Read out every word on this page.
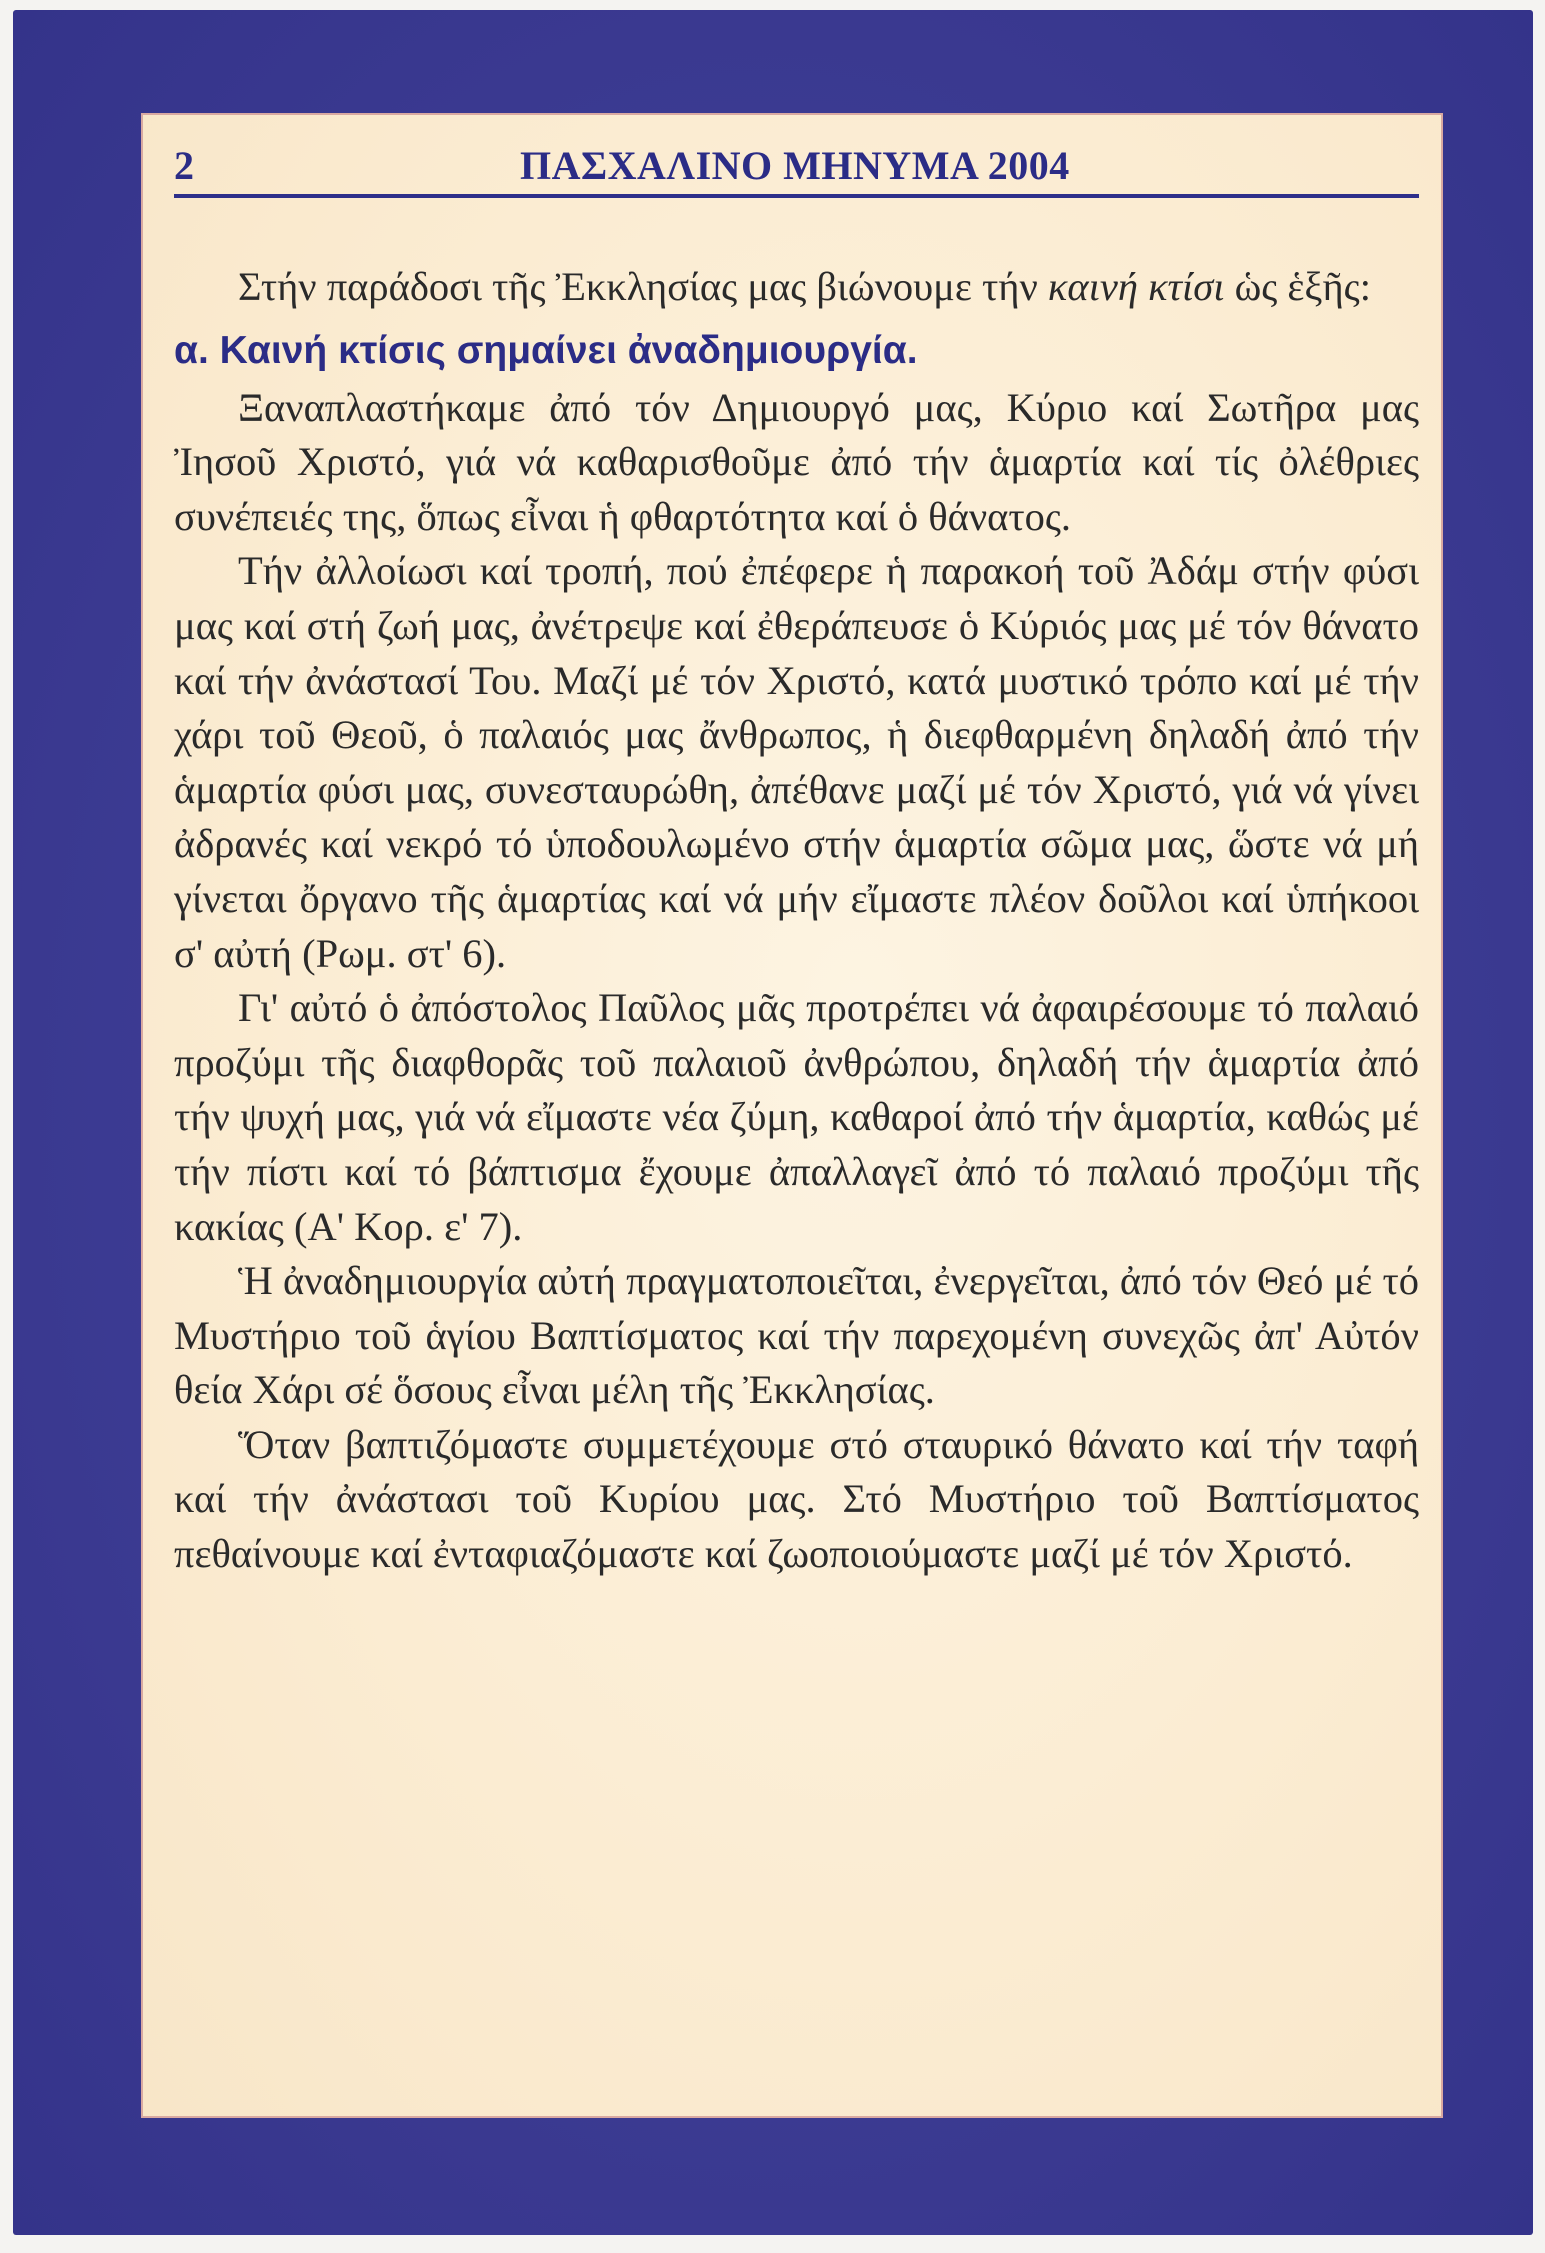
2	ΠΑΣΧΑΛΙΝΟ ΜΗΝΥΜΑ 2004

Στήν παράδοσι τῆς Ἐκκλησίας μας βιώνουμε τήν καινή κτίσι ὡς ἑξῆς:

α. Καινή κτίσις σημαίνει ἀναδημιουργία.

Ξαναπλαστήκαμε ἀπό τόν Δημιουργό μας, Κύριο καί Σωτῆρα μας Ἰησοῦ Χριστό, γιά νά καθαρισθοῦμε ἀπό τήν ἁμαρτία καί τίς ὀλέθριες συνέπειές της, ὅπως εἶναι ἡ φθαρτότητα καί ὁ θάνατος.

Τήν ἀλλοίωσι καί τροπή, πού ἐπέφερε ἡ παρακοή τοῦ Ἀδάμ στήν φύσι μας καί στή ζωή μας, ἀνέτρεψε καί ἐθεράπευσε ὁ Κύριός μας μέ τόν θάνατο καί τήν ἀνάστασί Του. Μαζί μέ τόν Χριστό, κατά μυστικό τρόπο καί μέ τήν χάρι τοῦ Θεοῦ, ὁ παλαιός μας ἄνθρωπος, ἡ διεφθαρμένη δηλαδή ἀπό τήν ἁμαρτία φύσι μας, συνεσταυρώθη, ἀπέθανε μαζί μέ τόν Χριστό, γιά νά γίνει ἀδρανές καί νεκρό τό ὑποδουλωμένο στήν ἁμαρτία σῶμα μας, ὥστε νά μή γίνεται ὄργανο τῆς ἁμαρτίας καί νά μήν εἴμαστε πλέον δοῦλοι καί ὑπήκοοι σ' αὐτή (Ρωμ. στ' 6).

Γι' αὐτό ὁ ἀπόστολος Παῦλος μᾶς προτρέπει νά ἀφαιρέσουμε τό παλαιό προζύμι τῆς διαφθορᾶς τοῦ παλαιοῦ ἀνθρώπου, δηλαδή τήν ἁμαρτία ἀπό τήν ψυχή μας, γιά νά εἴμαστε νέα ζύμη, καθαροί ἀπό τήν ἁμαρτία, καθώς μέ τήν πίστι καί τό βάπτισμα ἔχουμε ἀπαλλαγεῖ ἀπό τό παλαιό προζύμι τῆς κακίας (Α' Κορ. ε' 7).

Ἡ ἀναδημιουργία αὐτή πραγματοποιεῖται, ἐνεργεῖται, ἀπό τόν Θεό μέ τό Μυστήριο τοῦ ἁγίου Βαπτίσματος καί τήν παρεχομένη συνεχῶς ἀπ' Αὐτόν θεία Χάρι σέ ὅσους εἶναι μέλη τῆς Ἐκκλησίας.

Ὅταν βαπτιζόμαστε συμμετέχουμε στό σταυρικό θάνατο καί τήν ταφή καί τήν ἀνάστασι τοῦ Κυρίου μας. Στό Μυστήριο τοῦ Βαπτίσματος πεθαίνουμε καί ἐνταφιαζόμαστε καί ζωοποιούμαστε μαζί μέ τόν Χριστό.
